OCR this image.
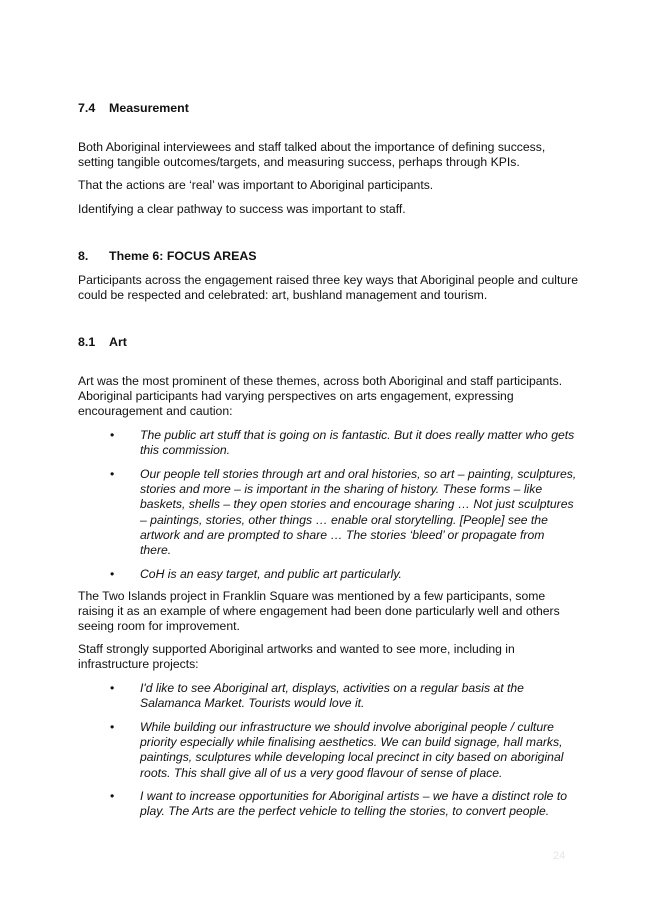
7.4 Measurement

Both Aboriginal interviewees and staff talked about the importance of defining success, setting tangible outcomes/targets, and measuring success, perhaps through KPIs.

That the actions are ‘real’ was important to Aboriginal participants.

Identifying a clear pathway to success was important to staff.

8. Theme 6: FOCUS AREAS

Participants across the engagement raised three key ways that Aboriginal people and culture could be respected and celebrated: art, bushland management and tourism.

8.1 Art

Art was the most prominent of these themes, across both Aboriginal and staff participants. Aboriginal participants had varying perspectives on arts engagement, expressing encouragement and caution:

• The public art stuff that is going on is fantastic. But it does really matter who gets this commission.
• Our people tell stories through art and oral histories, so art – painting, sculptures, stories and more – is important in the sharing of history. These forms – like baskets, shells – they open stories and encourage sharing … Not just sculptures – paintings, stories, other things … enable oral storytelling. [People] see the artwork and are prompted to share … The stories ‘bleed’ or propagate from there.
• CoH is an easy target, and public art particularly.

The Two Islands project in Franklin Square was mentioned by a few participants, some raising it as an example of where engagement had been done particularly well and others seeing room for improvement.

Staff strongly supported Aboriginal artworks and wanted to see more, including in infrastructure projects:

• I'd like to see Aboriginal art, displays, activities on a regular basis at the Salamanca Market. Tourists would love it.
• While building our infrastructure we should involve aboriginal people / culture priority especially while finalising aesthetics. We can build signage, hall marks, paintings, sculptures while developing local precinct in city based on aboriginal roots. This shall give all of us a very good flavour of sense of place.
• I want to increase opportunities for Aboriginal artists – we have a distinct role to play. The Arts are the perfect vehicle to telling the stories, to convert people.
24
